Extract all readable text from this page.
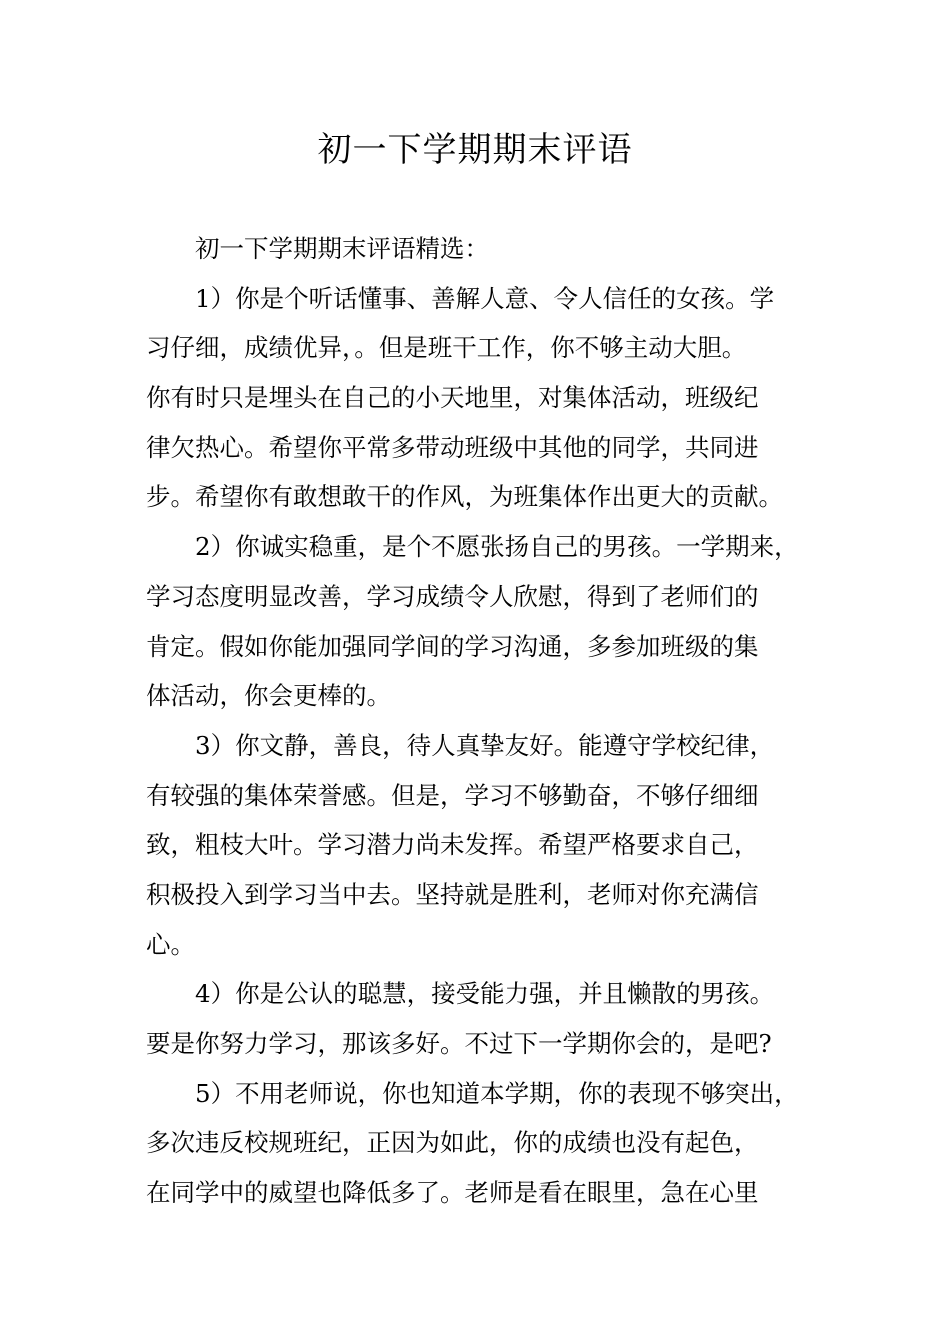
初一下学期期末评语
初一下学期期末评语精选：
1）你是个听话懂事、善解人意、令人信任的女孩。学
习仔细，成绩优异，。但是班干工作，你不够主动大胆。
你有时只是埋头在自己的小天地里，对集体活动，班级纪
律欠热心。希望你平常多带动班级中其他的同学，共同进
步。希望你有敢想敢干的作风，为班集体作出更大的贡献。
2）你诚实稳重，是个不愿张扬自己的男孩。一学期来，
学习态度明显改善，学习成绩令人欣慰，得到了老师们的
肯定。假如你能加强同学间的学习沟通，多参加班级的集
体活动，你会更棒的。
3）你文静，善良，待人真挚友好。能遵守学校纪律，
有较强的集体荣誉感。但是，学习不够勤奋，不够仔细细
致，粗枝大叶。学习潜力尚未发挥。希望严格要求自己，
积极投入到学习当中去。坚持就是胜利，老师对你充满信
心。
4）你是公认的聪慧，接受能力强，并且懒散的男孩。
要是你努力学习，那该多好。不过下一学期你会的，是吧?
5）不用老师说，你也知道本学期，你的表现不够突出，
多次违反校规班纪，正因为如此，你的成绩也没有起色，
在同学中的威望也降低多了。老师是看在眼里，急在心里
